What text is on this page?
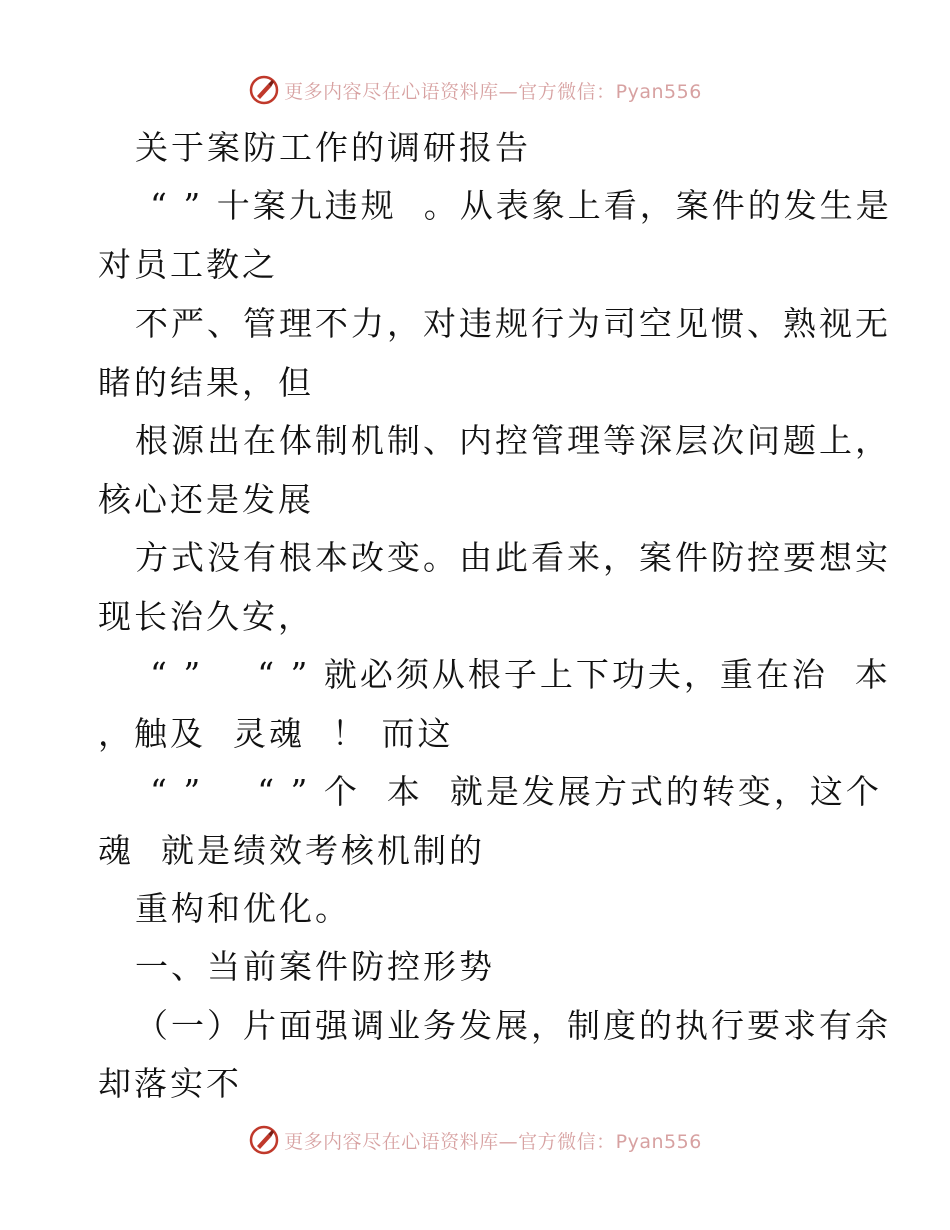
更多内容尽在心语资料库—官方微信：Pyan556
关于案防工作的调研报告
“ ” 十案九违规  。从表象上看，案件的发生是
对员工教之
不严、管理不力，对违规行为司空见惯、熟视无
睹的结果，但
根源出在体制机制、内控管理等深层次问题上，
核心还是发展
方式没有根本改变。由此看来，案件防控要想实
现长治久安，
“ ”    “ ” 就必须从根子上下功夫，重在治  本
，触及  灵魂  ！ 而这
“ ”    “ ” 个  本  就是发展方式的转变，这个
魂  就是绩效考核机制的
重构和优化。
一、当前案件防控形势
（一）片面强调业务发展，制度的执行要求有余
却落实不
更多内容尽在心语资料库—官方微信：Pyan556
